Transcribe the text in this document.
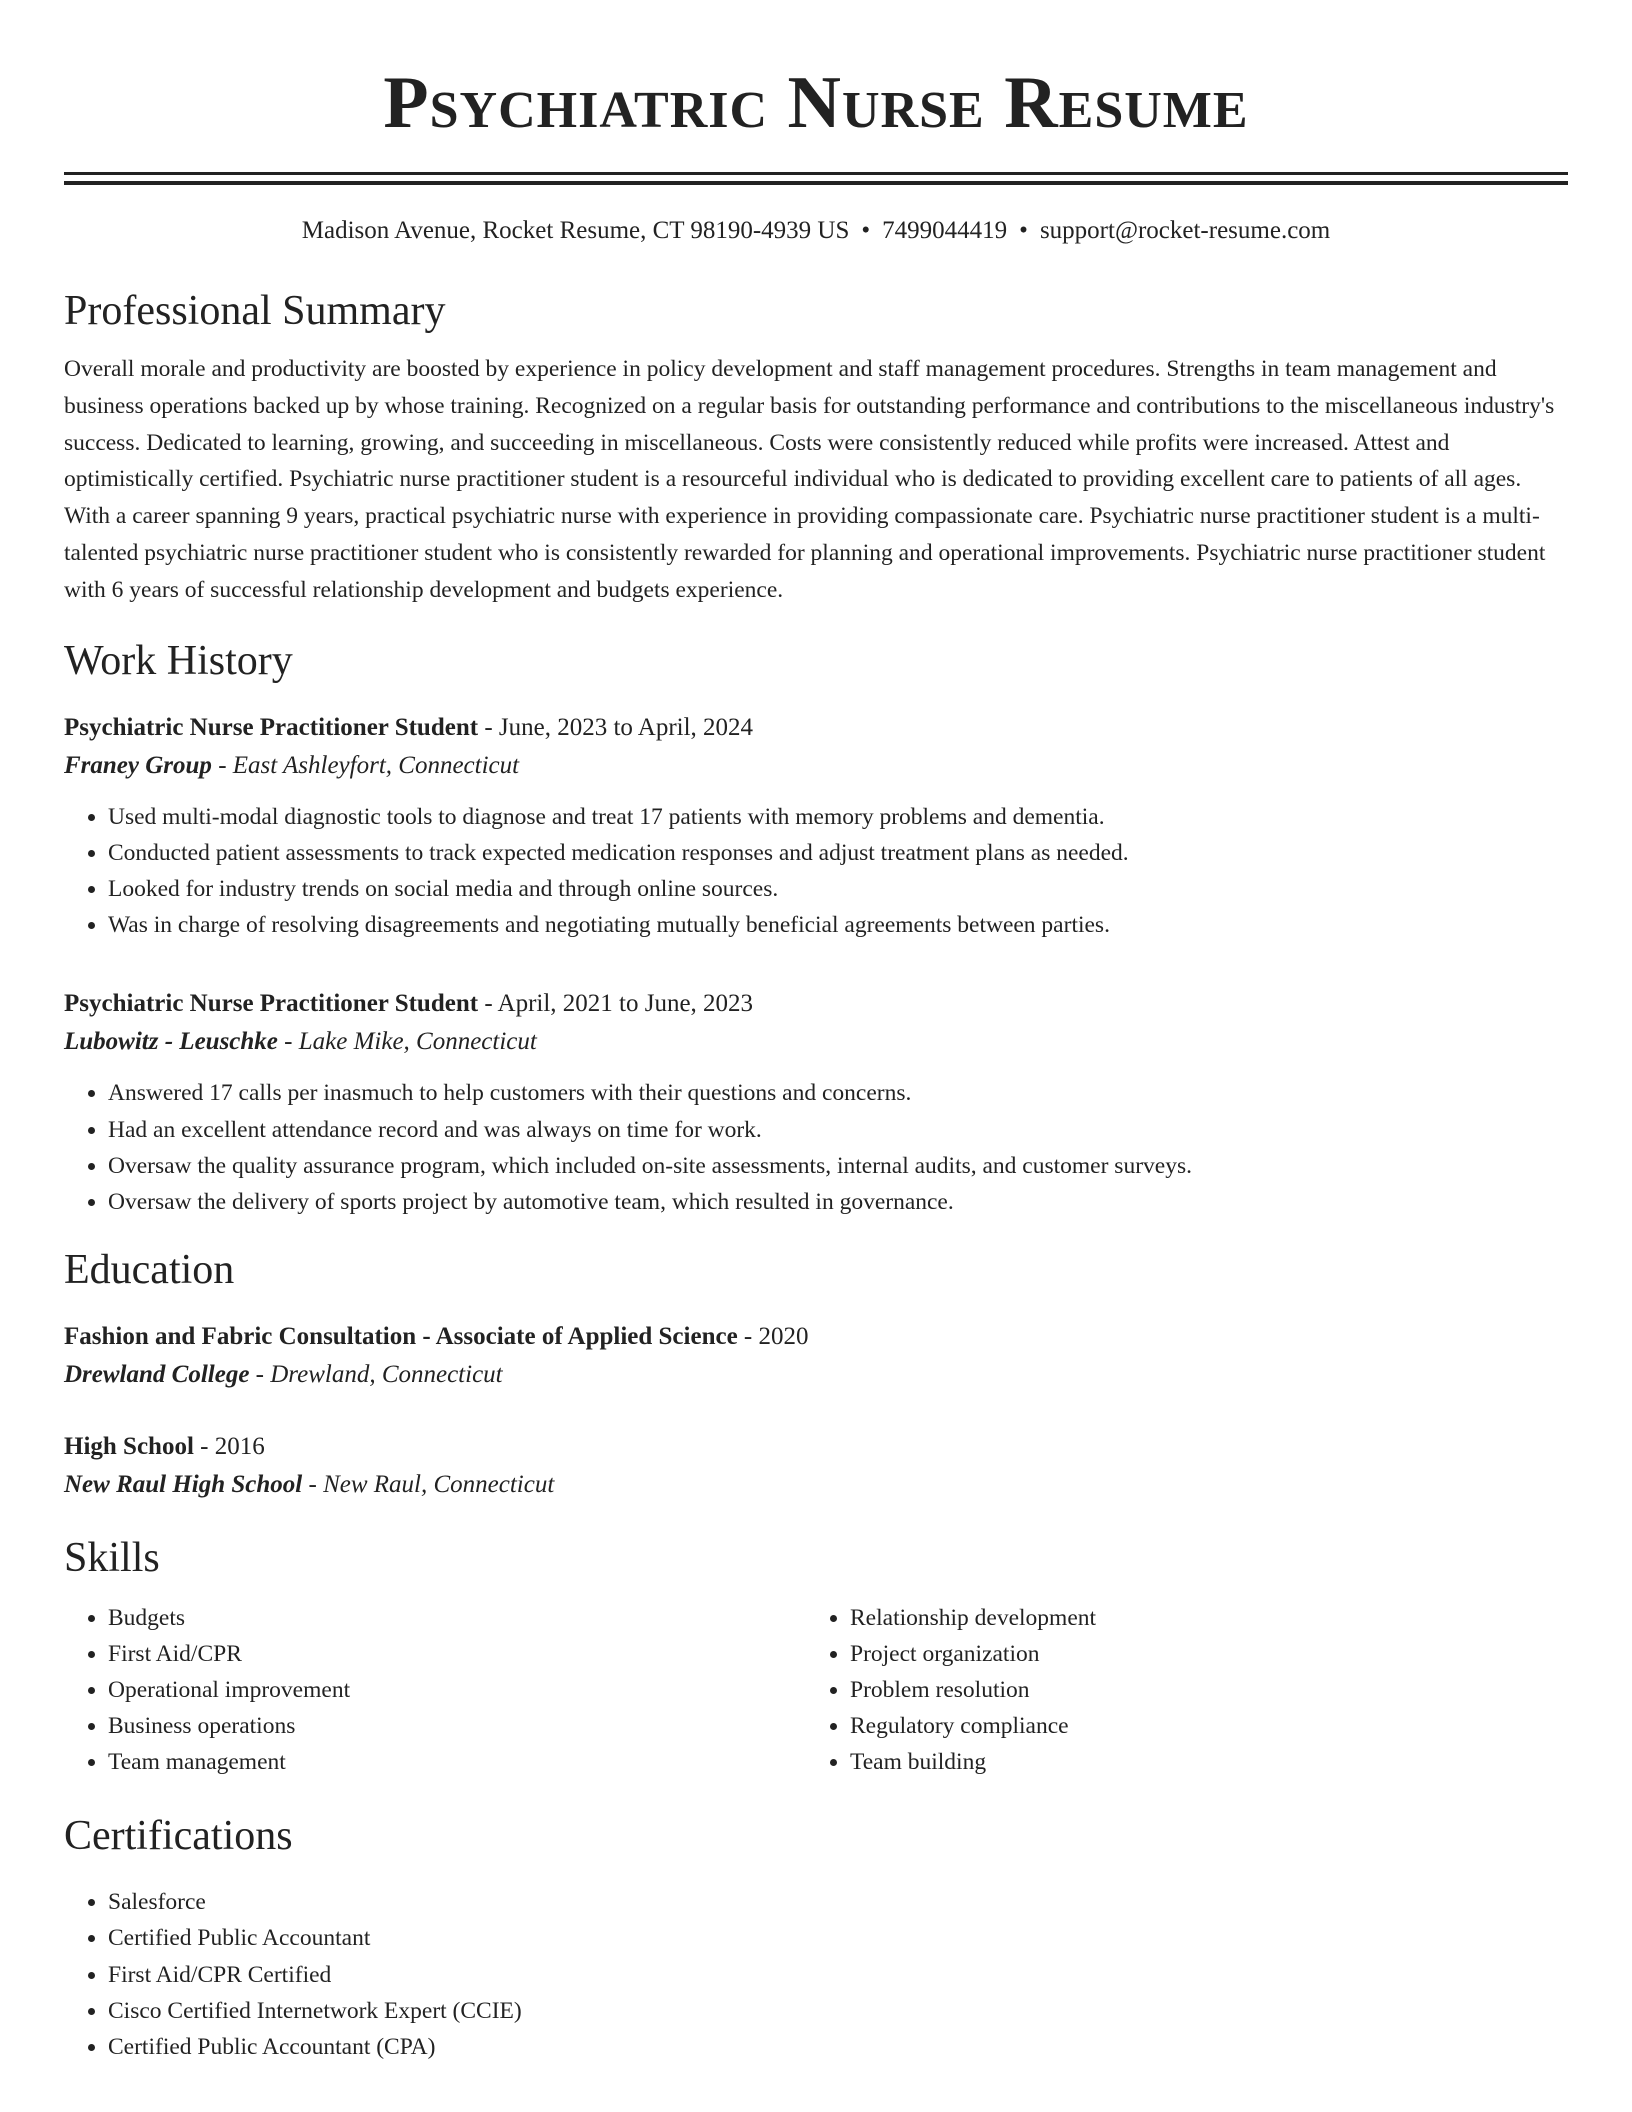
Psychiatric Nurse Resume
Madison Avenue, Rocket Resume, CT 98190-4939 US • 7499044419 • support@rocket-resume.com
Professional Summary

Overall morale and productivity are boosted by experience in policy development and staff management procedures. Strengths in team management and business operations backed up by whose training. Recognized on a regular basis for outstanding performance and contributions to the miscellaneous industry's success. Dedicated to learning, growing, and succeeding in miscellaneous. Costs were consistently reduced while profits were increased. Attest and optimistically certified. Psychiatric nurse practitioner student is a resourceful individual who is dedicated to providing excellent care to patients of all ages. With a career spanning 9 years, practical psychiatric nurse with experience in providing compassionate care. Psychiatric nurse practitioner student is a multi-talented psychiatric nurse practitioner student who is consistently rewarded for planning and operational improvements. Psychiatric nurse practitioner student with 6 years of successful relationship development and budgets experience.

Work History
Psychiatric Nurse Practitioner Student - June, 2023 to April, 2024
Franey Group - East Ashleyfort, Connecticut
• Used multi-modal diagnostic tools to diagnose and treat 17 patients with memory problems and dementia.
• Conducted patient assessments to track expected medication responses and adjust treatment plans as needed.
• Looked for industry trends on social media and through online sources.
• Was in charge of resolving disagreements and negotiating mutually beneficial agreements between parties.
Psychiatric Nurse Practitioner Student - April, 2021 to June, 2023
Lubowitz - Leuschke - Lake Mike, Connecticut
• Answered 17 calls per inasmuch to help customers with their questions and concerns.
• Had an excellent attendance record and was always on time for work.
• Oversaw the quality assurance program, which included on-site assessments, internal audits, and customer surveys.
• Oversaw the delivery of sports project by automotive team, which resulted in governance.
Education
Fashion and Fabric Consultation - Associate of Applied Science - 2020
Drewland College - Drewland, Connecticut
High School - 2016
New Raul High School - New Raul, Connecticut
Skills
• Budgets
• First Aid/CPR
• Operational improvement
• Business operations
• Team management
• Relationship development
• Project organization
• Problem resolution
• Regulatory compliance
• Team building
Certifications
• Salesforce
• Certified Public Accountant
• First Aid/CPR Certified
• Cisco Certified Internetwork Expert (CCIE)
• Certified Public Accountant (CPA)
